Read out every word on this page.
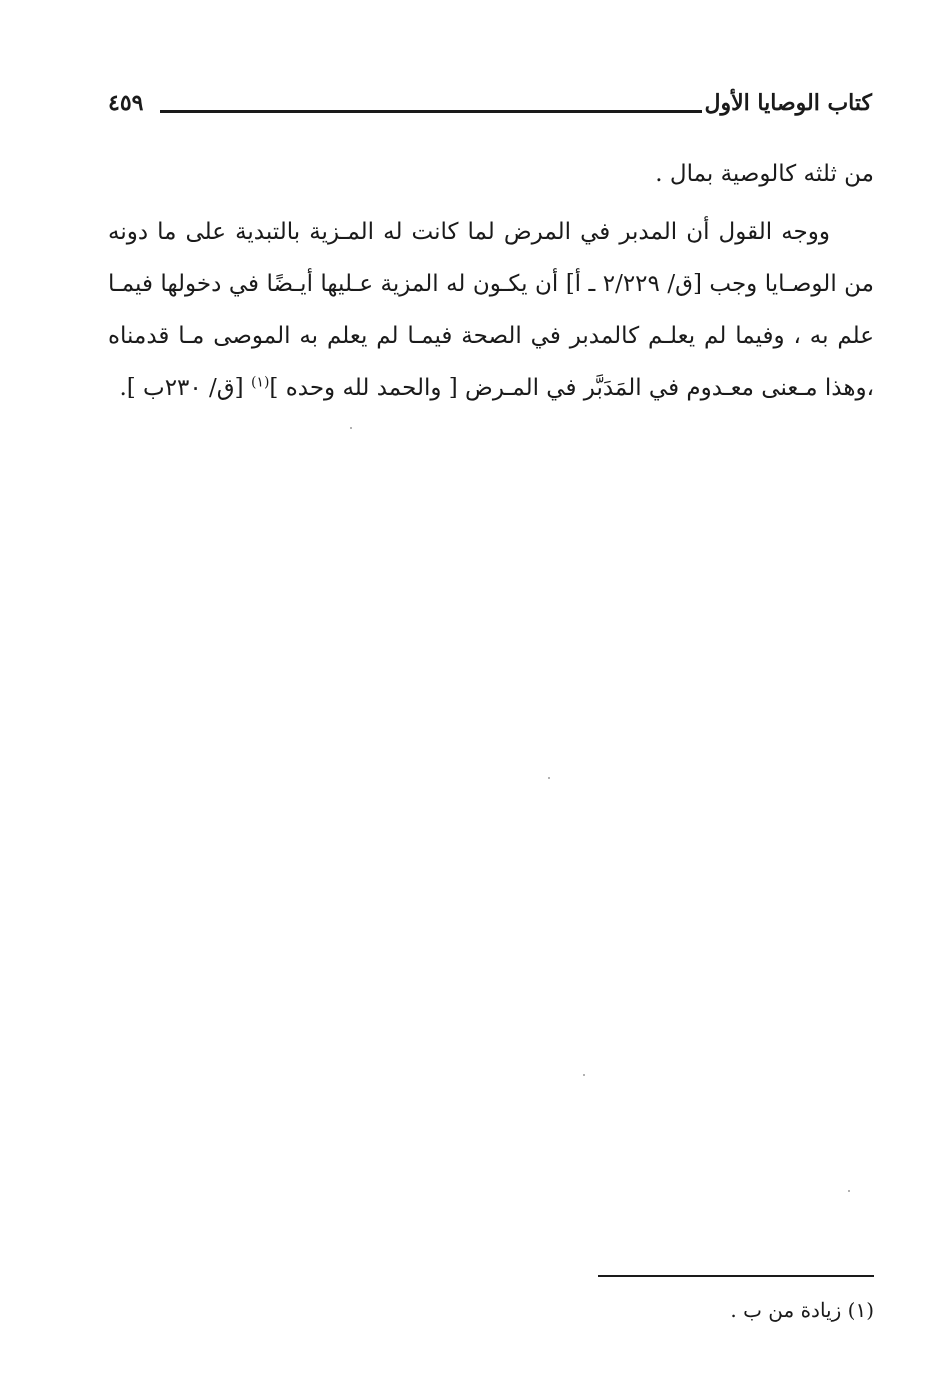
كتاب الوصايا الأول
٤٥٩

من ثلثه كالوصية بمال .

ووجه القول أن المدبر في المرض لما كانت له المـزية بالتبدية على ما دونه من الوصـايا وجب [ق/ ٢/٢٢٩ ـ أ] أن يكـون له المزية عـليها أيـضًا في دخولها فيمـا علم به ، وفيما لم يعلـم كالمدبر في الصحة فيمـا لم يعلم به الموصى مـا قدمناه ،وهذا مـعنى معـدوم في المَدَبَّر في المـرض [ والحمد لله وحده ]$^{(١)}$ [ق/ ٢٣٠ب ].

(١) زيادة من ب .
